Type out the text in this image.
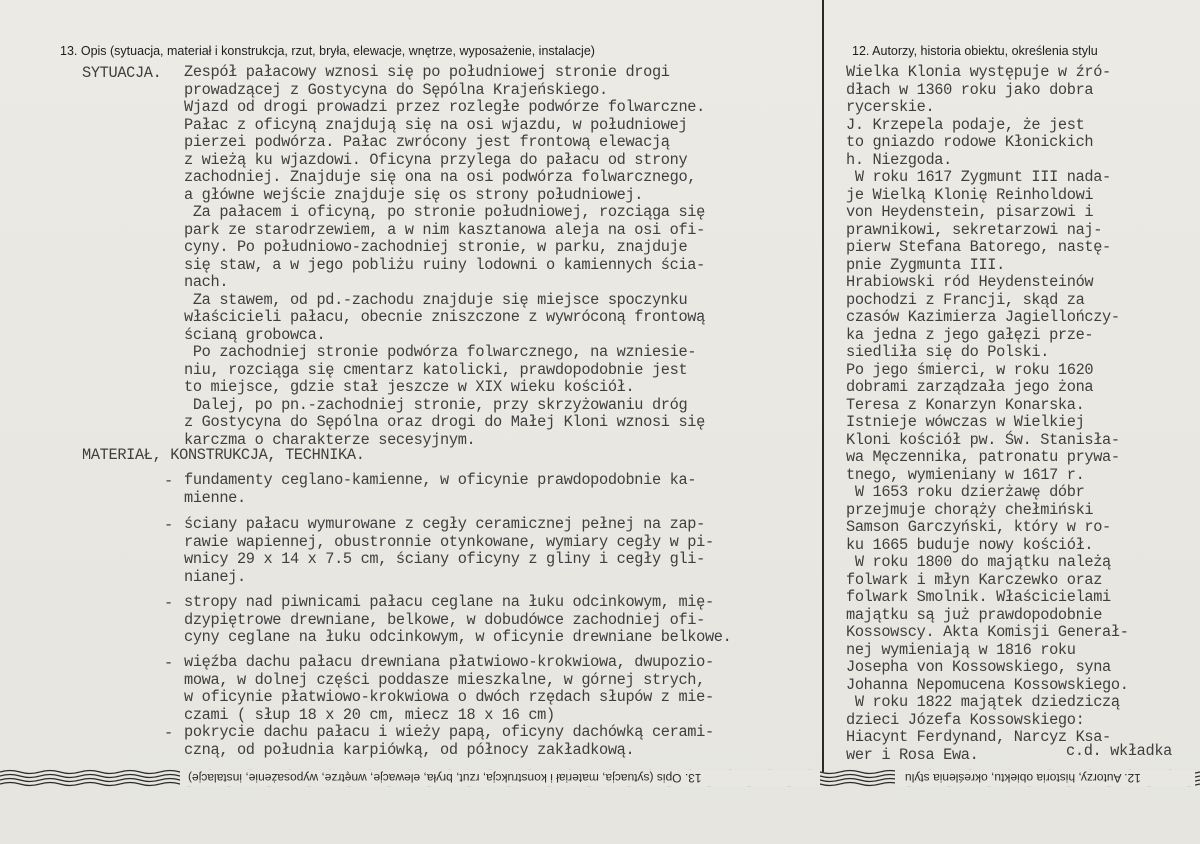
13. Opis (sytuacja, materiał i konstrukcja, rzut, bryła, elewacje, wnętrze, wyposażenie, instalacje)	12. Autorzy, historia obiektu, określenia stylu
SYTUACJA. Zespół pałacowy wznosi się po południowej stronie drogi
prowadzącej z Gostycyna do Sępólna Krajeńskiego.
Wjazd od drogi prowadzi przez rozległe podwórze folwarczne.
Pałac z oficyną znajdują się na osi wjazdu, w południowej
pierzei podwórza. Pałac zwrócony jest frontową elewacją
z wieżą ku wjazdowi. Oficyna przylega do pałacu od strony
zachodniej. Znajduje się ona na osi podwórza folwarcznego,
a główne wejście znajduje się os strony południowej.
Za pałacem i oficyną, po stronie południowej, rozciąga się
park ze starodrzewiem, a w nim kasztanowa aleja na osi ofi-
cyny. Po południowo-zachodniej stronie, w parku, znajduje
się staw, a w jego pobliżu ruiny lodowni o kamiennych ścia-
nach.
Za stawem, od pd.-zachodu znajduje się miejsce spoczynku
właścicieli pałacu, obecnie zniszczone z wywróconą frontową
ścianą grobowca.
Po zachodniej stronie podwórza folwarcznego, na wzniesie-
niu, rozciąga się cmentarz katolicki, prawdopodobnie jest
to miejsce, gdzie stał jeszcze w XIX wieku kościół.
Dalej, po pn.-zachodniej stronie, przy skrzyżowaniu dróg
z Gostycyna do Sępólna oraz drogi do Małej Kloni wznosi się
karczma o charakterze secesyjnym.
MATERIAŁ, KONSTRUKCJA, TECHNIKA.
- fundamenty ceglano-kamienne, w oficynie prawdopodobnie ka-
mienne.
- ściany pałacu wymurowane z cegły ceramicznej pełnej na zap-
rawie wapiennej, obustronnie otynkowane, wymiary cegły w pi-
wnicy 29 x 14 x 7.5 cm, ściany oficyny z gliny i cegły gli-
nianej.
- stropy nad piwnicami pałacu ceglane na łuku odcinkowym, mię-
dzypiętrowe drewniane, belkowe, w dobudówce zachodniej ofi-
cyny ceglane na łuku odcinkowym, w oficynie drewniane belkowe.
- więźba dachu pałacu drewniana płatwiowo-krokwiowa, dwupozio-
mowa, w dolnej części poddasze mieszkalne, w górnej strych,
w oficynie płatwiowo-krokwiowa o dwóch rzędach słupów z mie-
czami ( słup 18 x 20 cm, miecz 18 x 16 cm)
- pokrycie dachu pałacu i wieży papą, oficyny dachówką cerami-
czną, od południa karpiówką, od północy zakładkową.
Wielka Klonia występuje w źró-
dłach w 1360 roku jako dobra
rycerskie.
J. Krzepela podaje, że jest
to gniazdo rodowe Kłonickich
h. Niezgoda.
W roku 1617 Zygmunt III nada-
je Wielką Klonię Reinholdowi
von Heydenstein, pisarzowi i
prawnikowi, sekretarzowi naj-
pierw Stefana Batorego, nastę-
pnie Zygmunta III.
Hrabiowski ród Heydensteinów
pochodzi z Francji, skąd za
czasów Kazimierza Jagiellończy-
ka jedna z jego gałęzi prze-
siedliła się do Polski.
Po jego śmierci, w roku 1620
dobrami zarządzała jego żona
Teresa z Konarzyn Konarska.
Istnieje wówczas w Wielkiej
Kloni kościół pw. Św. Stanisła-
wa Męczennika, patronatu prywa-
tnego, wymieniany w 1617 r.
W 1653 roku dzierżawę dóbr
przejmuje chorąży chełmiński
Samson Garczyński, który w ro-
ku 1665 buduje nowy kościół.
W roku 1800 do majątku należą
folwark i młyn Karczewko oraz
folwark Smolnik. Właścicielami
majątku są już prawdopodobnie
Kossowscy. Akta Komisji Generał-
nej wymieniają w 1816 roku
Josepha von Kossowskiego, syna
Johanna Nepomucena Kossowskiego.
W roku 1822 majątek dziedziczą
dzieci Józefa Kossowskiego:
Hiacynt Ferdynand, Narcyz Ksa-
wer i Rosa Ewa.	c.d. wkładka
13. Opis (sytuacja, materiał i konstrukcja, rzut, bryła, elewacje, wnętrze, wyposażenie, instalacje)	12. Autorzy, historia obiektu, określenia stylu
